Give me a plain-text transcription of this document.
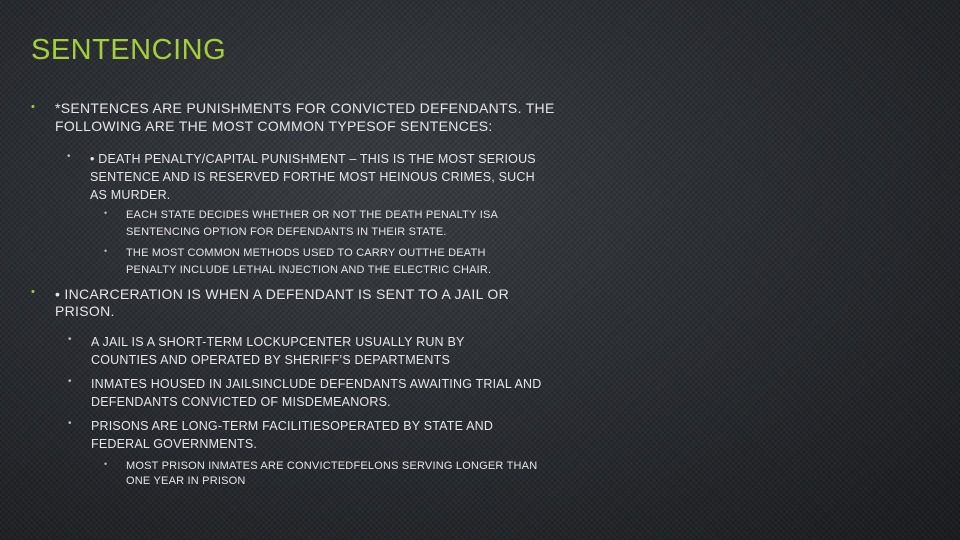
SENTENCING
• *SENTENCES ARE PUNISHMENTS FOR CONVICTED DEFENDANTS. THE FOLLOWING ARE THE MOST COMMON TYPESOF SENTENCES:
• • DEATH PENALTY/CAPITAL PUNISHMENT – THIS IS THE MOST SERIOUS SENTENCE AND IS RESERVED FORTHE MOST HEINOUS CRIMES, SUCH AS MURDER.
• EACH STATE DECIDES WHETHER OR NOT THE DEATH PENALTY ISA SENTENCING OPTION FOR DEFENDANTS IN THEIR STATE.
• THE MOST COMMON METHODS USED TO CARRY OUTTHE DEATH PENALTY INCLUDE LETHAL INJECTION AND THE ELECTRIC CHAIR.
• • INCARCERATION IS WHEN A DEFENDANT IS SENT TO A JAIL OR PRISON.
• A JAIL IS A SHORT-TERM LOCKUPCENTER USUALLY RUN BY COUNTIES AND OPERATED BY SHERIFF’S DEPARTMENTS
• INMATES HOUSED IN JAILSINCLUDE DEFENDANTS AWAITING TRIAL AND DEFENDANTS CONVICTED OF MISDEMEANORS.
• PRISONS ARE LONG-TERM FACILITIESOPERATED BY STATE AND FEDERAL GOVERNMENTS.
• MOST PRISON INMATES ARE CONVICTEDFELONS SERVING LONGER THAN ONE YEAR IN PRISON
